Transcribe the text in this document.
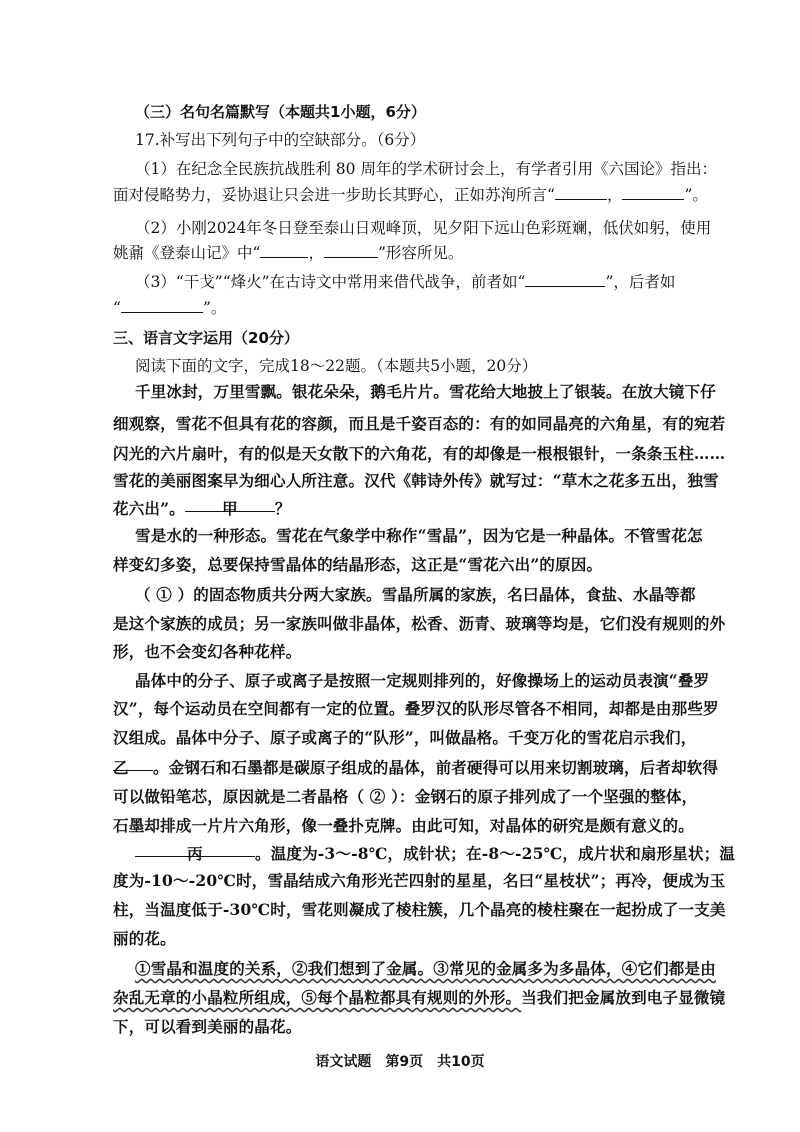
（三）名句名篇默写（本题共1小题，6分）
17.补写出下列句子中的空缺部分。（6分）
（1）在纪念全民族抗战胜利 80 周年的学术研讨会上，有学者引用《六国论》指出：
面对侵略势力，妥协退让只会进一步助长其野心，正如苏洵所言“	，	”。
（2）小刚2024年冬日登至泰山日观峰顶，见夕阳下远山色彩斑斓，低伏如躬，使用
姚鼐《登泰山记》中“	，	”形容所见。
（3）“干戈”“烽火”在古诗文中常用来借代战争，前者如“	”，后者如
“	”。
三、语言文字运用（20分）
阅读下面的文字，完成18～22题。（本题共5小题，20分）
千里冰封，万里雪飘。银花朵朵，鹅毛片片。雪花给大地披上了银装。在放大镜下仔
细观察，雪花不但具有花的容颜，而且是千姿百态的：有的如同晶亮的六角星，有的宛若
闪光的六片扇叶，有的似是天女散下的六角花，有的却像是一根根银针，一条条玉柱……
雪花的美丽图案早为细心人所注意。汉代《韩诗外传》就写过：“草木之花多五出，独雪
花六出”。 甲 ？
雪是水的一种形态。雪花在气象学中称作“雪晶”，因为它是一种晶体。不管雪花怎
样变幻多姿，总要保持雪晶体的结晶形态，这正是“雪花六出”的原因。
（ ① ）的固态物质共分两大家族。雪晶所属的家族，名曰晶体，食盐、水晶等都
是这个家族的成员；另一家族叫做非晶体，松香、沥青、玻璃等均是，它们没有规则的外
形，也不会变幻各种花样。
晶体中的分子、原子或离子是按照一定规则排列的，好像操场上的运动员表演“叠罗
汉”，每个运动员在空间都有一定的位置。叠罗汉的队形尽管各不相同，却都是由那些罗
汉组成。晶体中分子、原子或离子的“队形”，叫做晶格。千变万化的雪花启示我们，
乙 。金钢石和石墨都是碳原子组成的晶体，前者硬得可以用来切割玻璃，后者却软得
可以做铅笔芯，原因就是二者晶格（ ② ）：金钢石的原子排列成了一个坚强的整体，
石墨却排成一片片六角形，像一叠扑克牌。由此可知，对晶体的研究是颇有意义的。
丙	。温度为-3～-8℃，成针状；在-8～-25℃，成片状和扇形星状；温
度为-10～-20℃时，雪晶结成六角形光芒四射的星星，名曰“星枝状”；再冷，便成为玉
柱，当温度低于-30℃时，雪花则凝成了棱柱簇，几个晶亮的棱柱聚在一起扮成了一支美
丽的花。
①雪晶和温度的关系，②我们想到了金属。③常见的金属多为多晶体，④它们都是由
杂乱无章的小晶粒所组成，⑤每个晶粒都具有规则的外形。当我们把金属放到电子显微镜
下，可以看到美丽的晶花。
语文试题　第9页　共10页
